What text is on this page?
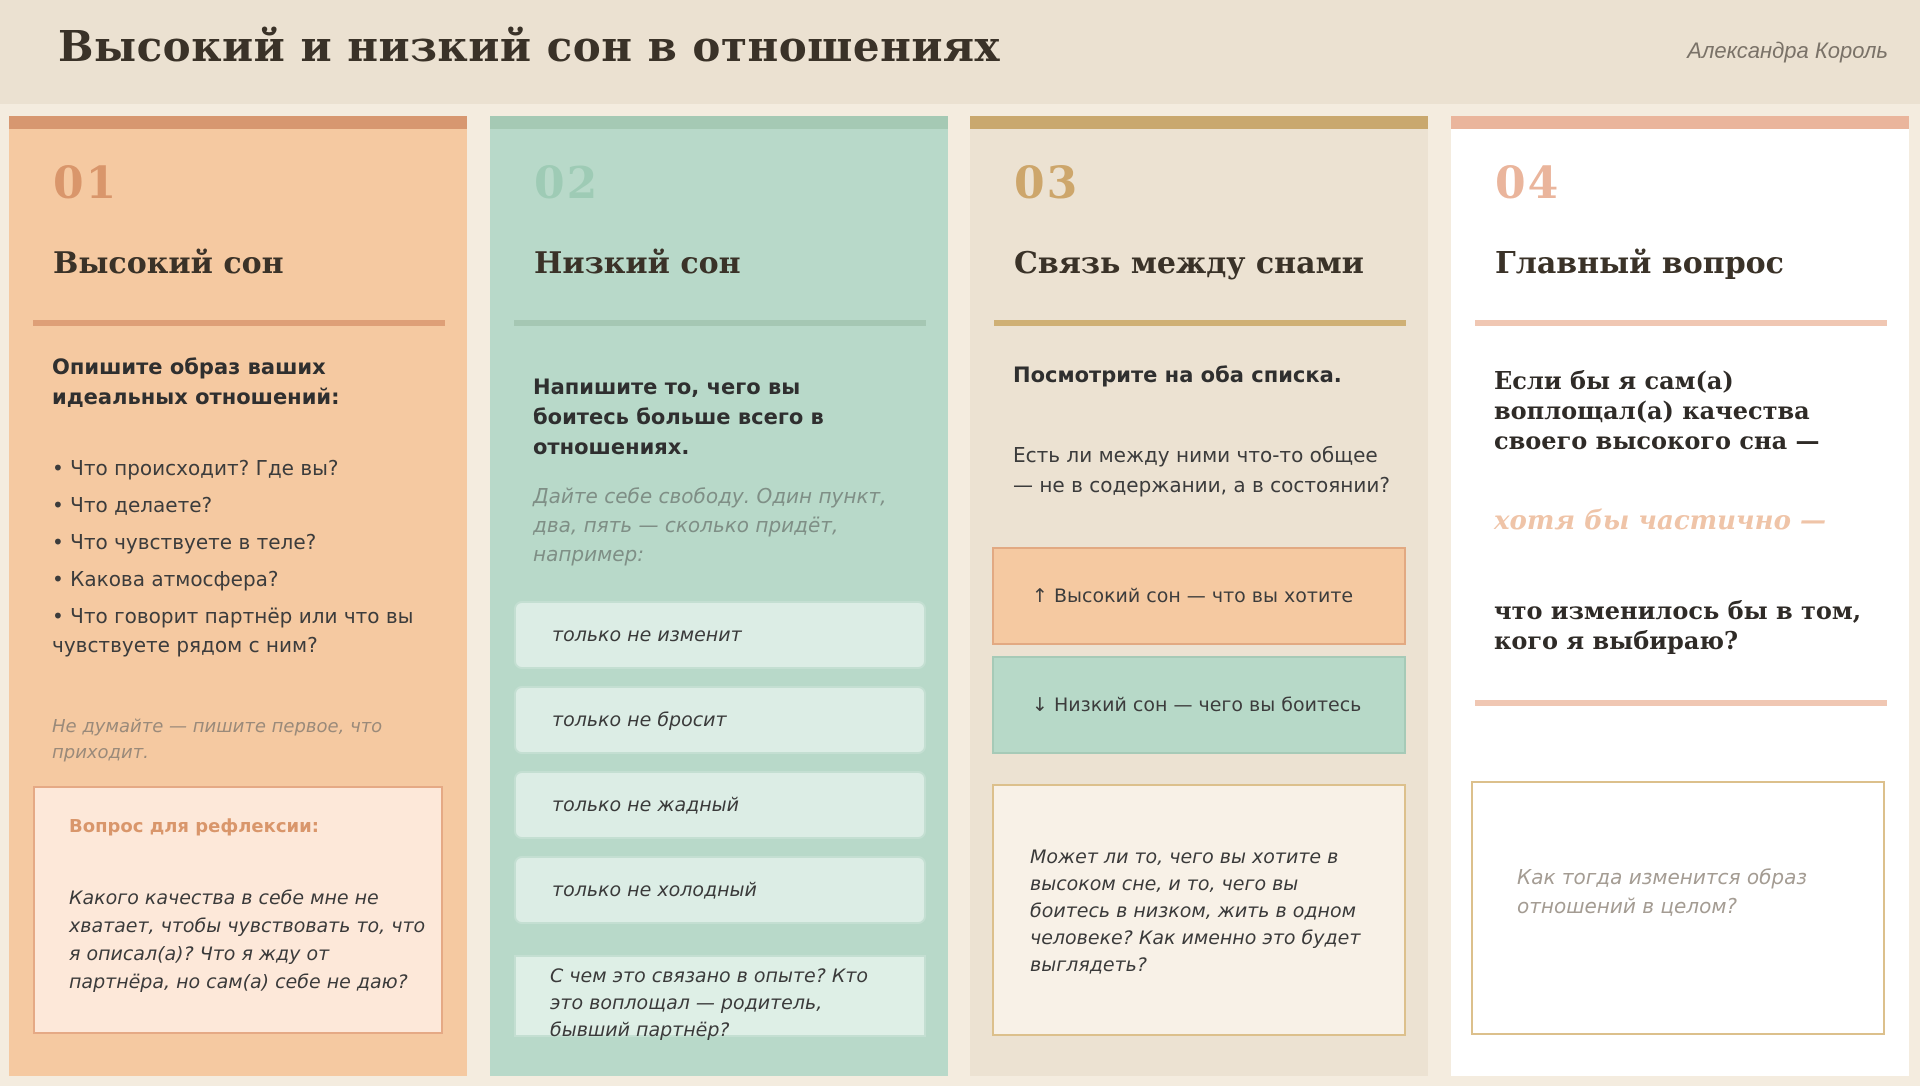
Высокий и низкий сон в отношениях	Александра Король
01
Высокий сон
Опишите образ ваших идеальных отношений:
• Что происходит? Где вы?
• Что делаете?
• Что чувствуете в теле?
• Какова атмосфера?
• Что говорит партнёр или что вы чувствуете рядом с ним?
Не думайте — пишите первое, что приходит.
Вопрос для рефлексии:
Какого качества в себе мне не хватает, чтобы чувствовать то, что я описал(а)? Что я жду от партнёра, но сам(а) себе не даю?
02
Низкий сон
Напишите то, чего вы боитесь больше всего в отношениях.
Дайте себе свободу. Один пункт, два, пять — сколько придёт, например:
только не изменит
только не бросит
только не жадный
только не холодный
С чем это связано в опыте? Кто это воплощал — родитель, бывший партнёр?
03
Связь между снами
Посмотрите на оба списка.
Есть ли между ними что-то общее — не в содержании, а в состоянии?
↑ Высокий сон — что вы хотите
↓ Низкий сон — чего вы боитесь
Может ли то, чего вы хотите в высоком сне, и то, чего вы боитесь в низком, жить в одном человеке? Как именно это будет выглядеть?
04
Главный вопрос
Если бы я сам(а) воплощал(а) качества своего высокого сна —
хотя бы частично —
что изменилось бы в том, кого я выбираю?
Как тогда изменится образ отношений в целом?
